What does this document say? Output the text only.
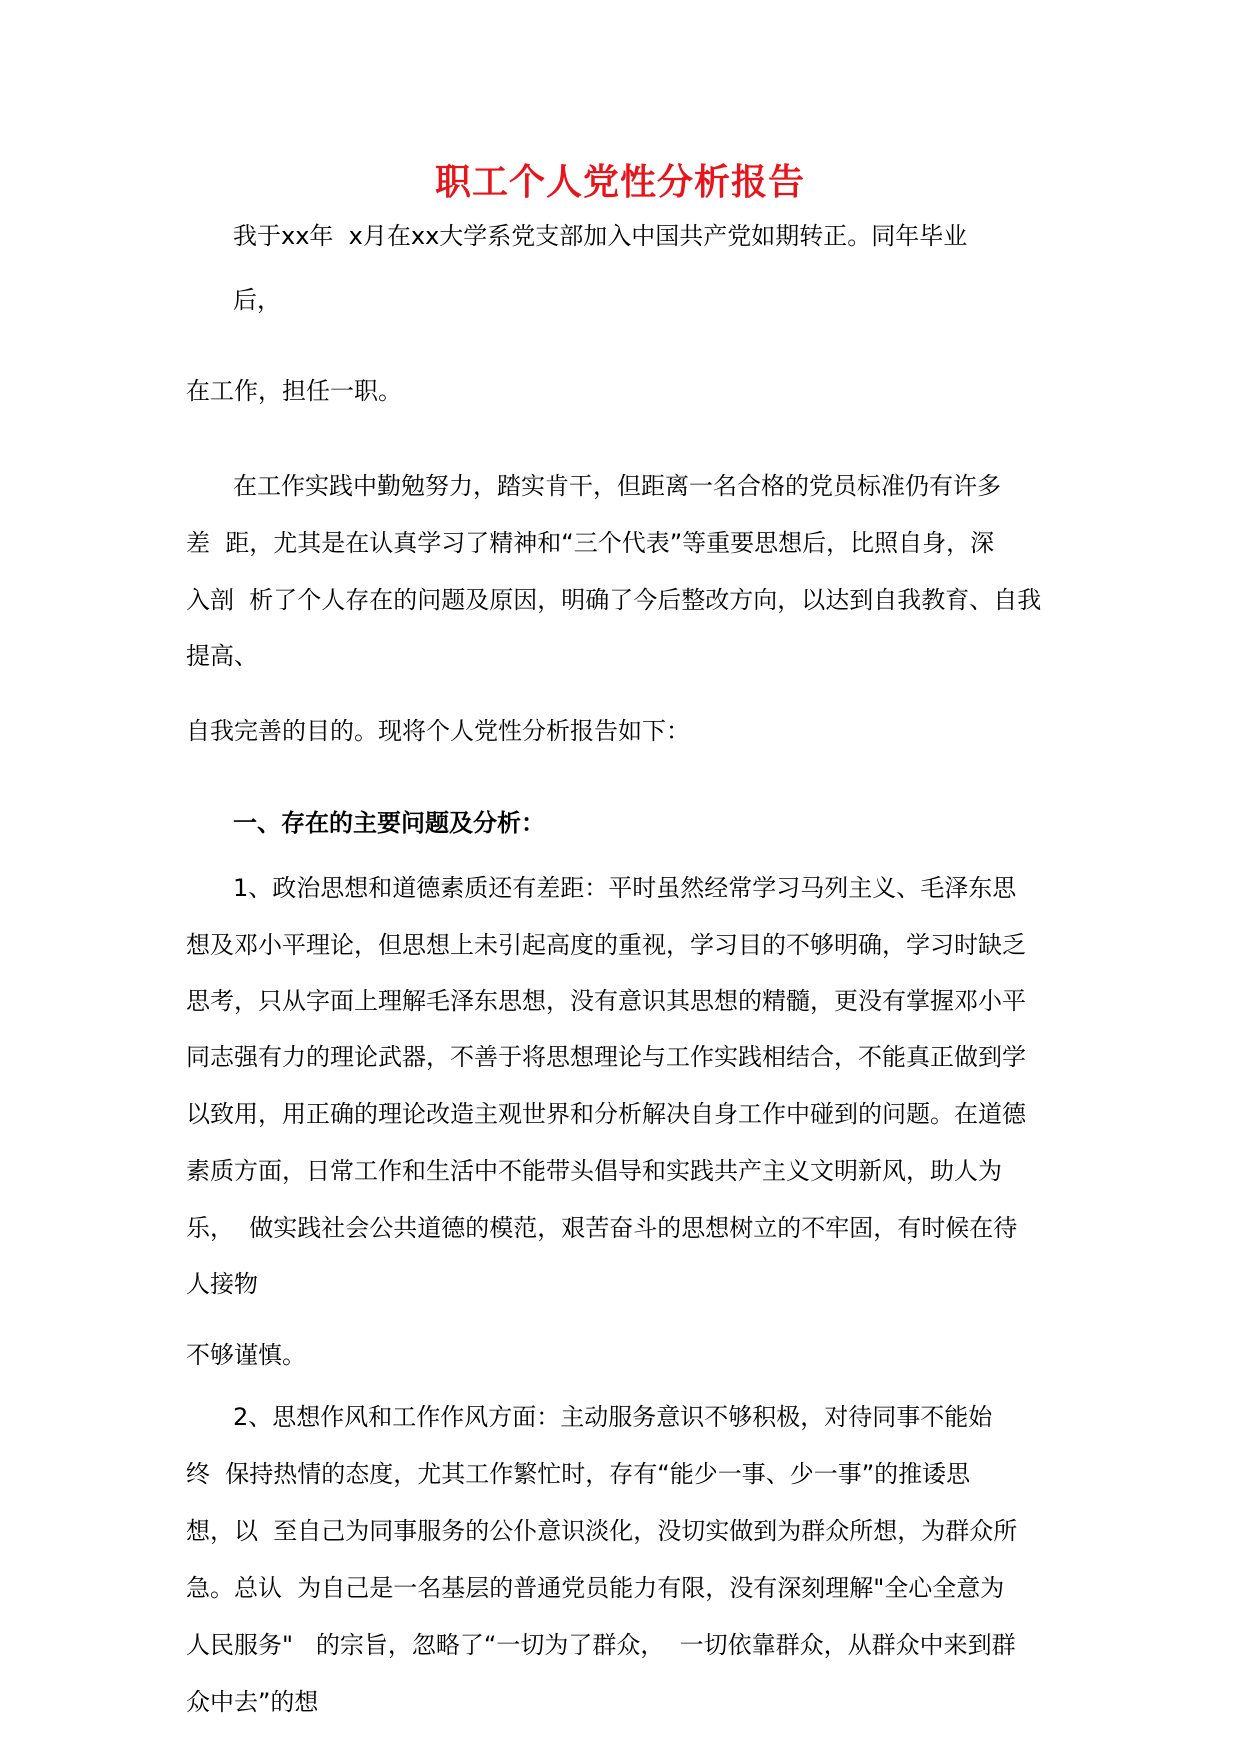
职工个人党性分析报告
我于xx年  x月在xx大学系党支部加入中国共产党如期转正。同年毕业
后，
在工作，担任一职。
在工作实践中勤勉努力，踏实肯干，但距离一名合格的党员标准仍有许多
差  距，尤其是在认真学习了精神和“三个代表”等重要思想后，比照自身，深
入剖  析了个人存在的问题及原因，明确了今后整改方向，以达到自我教育、自我
提高、
自我完善的目的。现将个人党性分析报告如下：
一、存在的主要问题及分析：
1、政治思想和道德素质还有差距：平时虽然经常学习马列主义、毛泽东思
想及邓小平理论，但思想上未引起高度的重视，学习目的不够明确，学习时缺乏
思考，只从字面上理解毛泽东思想，没有意识其思想的精髓，更没有掌握邓小平
同志强有力的理论武器，不善于将思想理论与工作实践相结合，不能真正做到学
以致用，用正确的理论改造主观世界和分析解决自身工作中碰到的问题。在道德
素质方面，日常工作和生活中不能带头倡导和实践共产主义文明新风，助人为
乐，  做实践社会公共道德的模范，艰苦奋斗的思想树立的不牢固，有时候在待
人接物
不够谨慎。
2、思想作风和工作作风方面：主动服务意识不够积极，对待同事不能始
终  保持热情的态度，尤其工作繁忙时，存有“能少一事、少一事”的推诿思
想，以  至自己为同事服务的公仆意识淡化，没切实做到为群众所想，为群众所
急。总认  为自己是一名基层的普通党员能力有限，没有深刻理解"全心全意为
人民服务"   的宗旨，忽略了“一切为了群众，  一切依靠群众，从群众中来到群
众中去”的想
